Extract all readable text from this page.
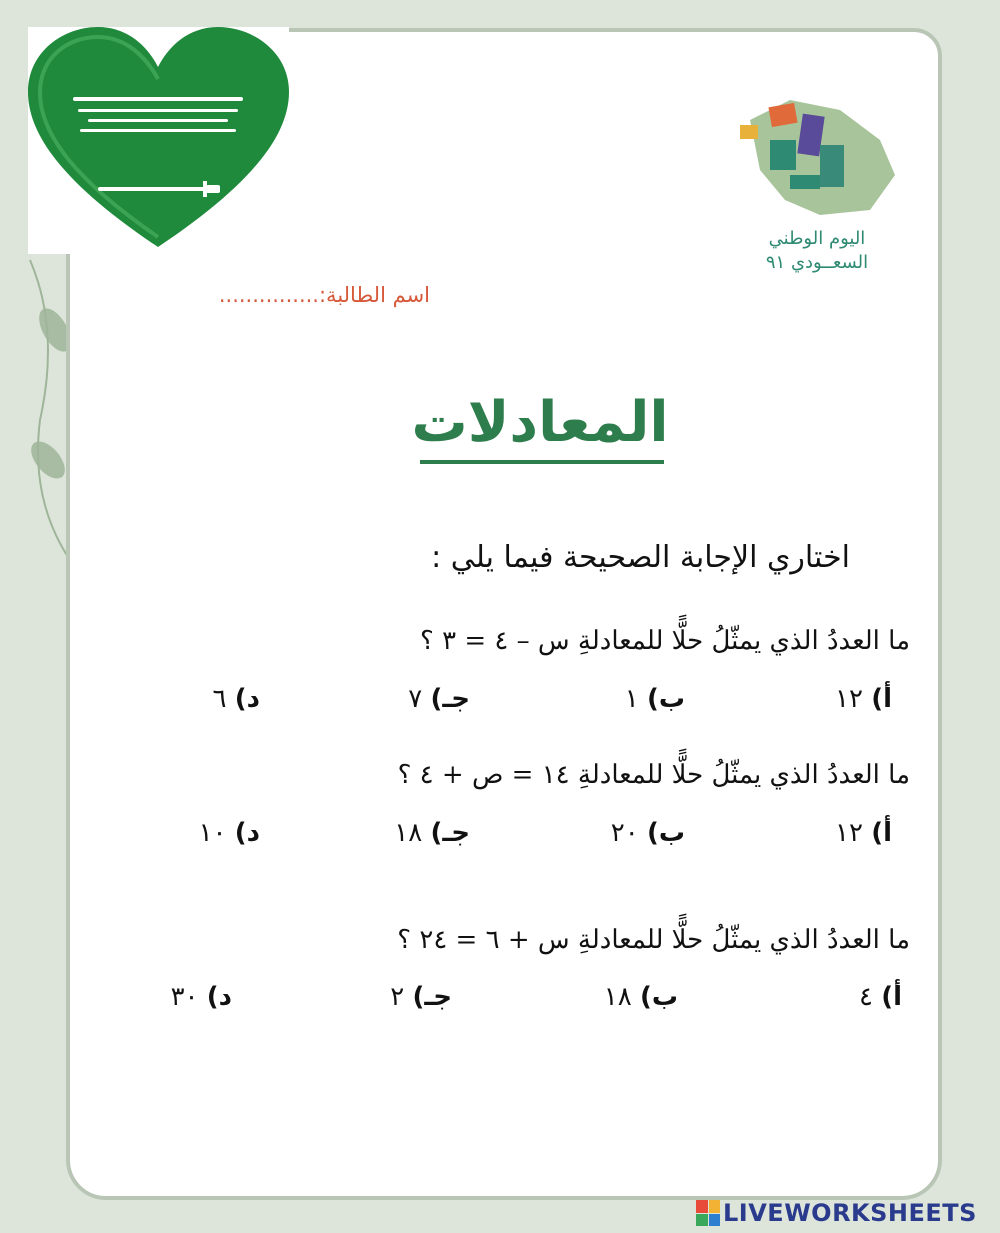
اليوم الوطني
السعــودي ٩١
اسم الطالبة:...............
المعادلات
اختاري الإجابة الصحيحة فيما يلي :
ما العددُ الذي يمثّلُ حلًّا للمعادلةِ س – ٤ = ٣ ؟
أ) ١٢
ب) ١
جـ) ٧
د) ٦
ما العددُ الذي يمثّلُ حلًّا للمعادلةِ ١٤ = ص + ٤ ؟
أ) ١٢
ب) ٢٠
جـ) ١٨
د) ١٠
ما العددُ الذي يمثّلُ حلًّا للمعادلةِ س + ٦ = ٢٤ ؟
أ) ٤
ب) ١٨
جـ) ٢
د) ٣٠
LIVEWORKSHEETS
